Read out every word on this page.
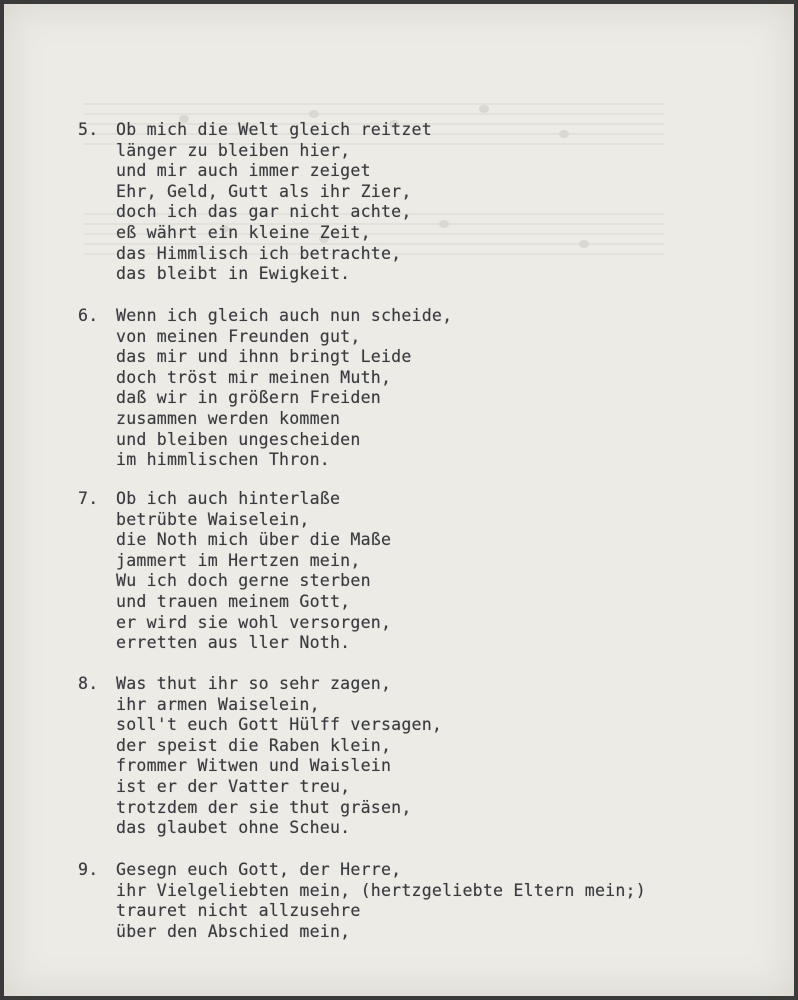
5.	Ob mich die Welt gleich reitzet
länger zu bleiben hier,
und mir auch immer zeiget
Ehr, Geld, Gutt als ihr Zier,
doch ich das gar nicht achte,
eß währt ein kleine Zeit,
das Himmlisch ich betrachte,
das bleibt in Ewigkeit.
6.	Wenn ich gleich auch nun scheide,
von meinen Freunden gut,
das mir und ihnn bringt Leide
doch tröst mir meinen Muth,
daß wir in größern Freiden
zusammen werden kommen
und bleiben ungescheiden
im himmlischen Thron.
7.	Ob ich auch hinterlaße
betrübte Waiselein,
die Noth mich über die Maße
jammert im Hertzen mein,
Wu ich doch gerne sterben
und trauen meinem Gott,
er wird sie wohl versorgen,
erretten aus ller Noth.
8.	Was thut ihr so sehr zagen,
ihr armen Waiselein,
soll't euch Gott Hülff versagen,
der speist die Raben klein,
frommer Witwen und Waislein
ist er der Vatter treu,
trotzdem der sie thut gräsen,
das glaubet ohne Scheu.
9.	Gesegn euch Gott, der Herre,
ihr Vielgeliebten mein, (hertzgeliebte Eltern mein;)
trauret nicht allzusehre
über den Abschied mein,
